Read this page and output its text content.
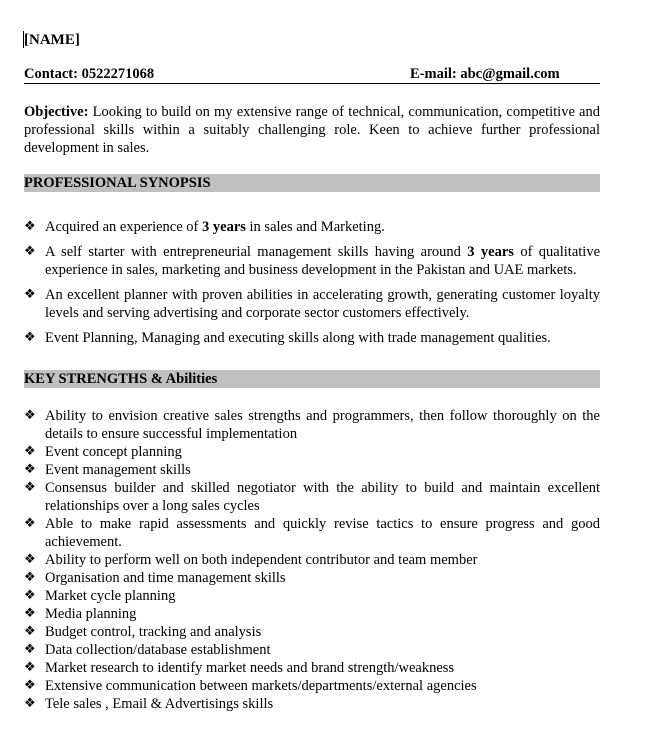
[NAME]
Contact: 0522271068	E-mail: abc@gmail.com
Objective: Looking to build on my extensive range of technical, communication, competitive and professional skills within a suitably challenging role. Keen to achieve further professional development in sales.
PROFESSIONAL SYNOPSIS
❖ Acquired an experience of 3 years in sales and Marketing.
❖ A self starter with entrepreneurial management skills having around 3 years of qualitative experience in sales, marketing and business development in the Pakistan and UAE markets.
❖ An excellent planner with proven abilities in accelerating growth, generating customer loyalty levels and serving advertising and corporate sector customers effectively.
❖ Event Planning, Managing and executing skills along with trade management qualities.
KEY STRENGTHS & Abilities
❖ Ability to envision creative sales strengths and programmers, then follow thoroughly on the details to ensure successful implementation
❖ Event concept planning
❖ Event management skills
❖ Consensus builder and skilled negotiator with the ability to build and maintain excellent relationships over a long sales cycles
❖ Able to make rapid assessments and quickly revise tactics to ensure progress and good achievement.
❖ Ability to perform well on both independent contributor and team member
❖ Organisation and time management skills
❖ Market cycle planning
❖ Media planning
❖ Budget control, tracking and analysis
❖ Data collection/database establishment
❖ Market research to identify market needs and brand strength/weakness
❖ Extensive communication between markets/departments/external agencies
❖ Tele sales , Email & Advertisings skills
